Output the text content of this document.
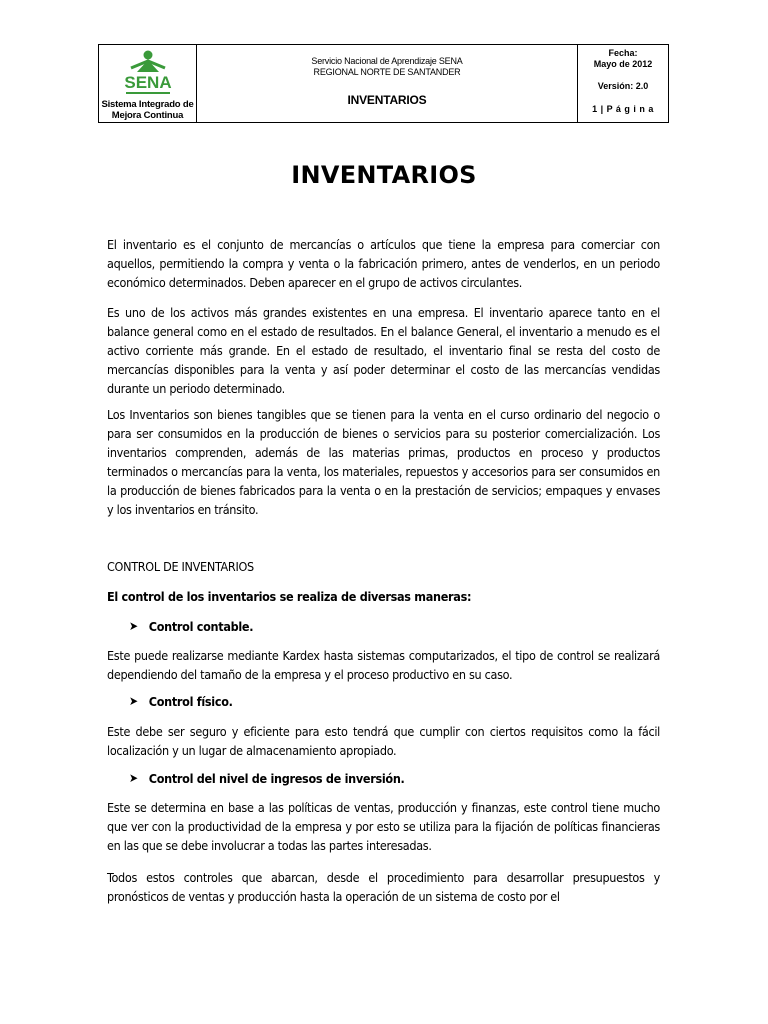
SENA
Sistema Integrado de
Mejora Continua
Servicio Nacional de Aprendizaje SENA
REGIONAL NORTE DE SANTANDER
INVENTARIOS
Fecha:
Mayo de 2012
Versión: 2.0
1 | P á g i n a
INVENTARIOS

El inventario es el conjunto de mercancías o artículos que tiene la empresa para comerciar con aquellos, permitiendo la compra y venta o la fabricación primero, antes de venderlos, en un periodo económico determinados. Deben aparecer en el grupo de activos circulantes.

Es uno de los activos más grandes existentes en una empresa. El inventario aparece tanto en el balance general como en el estado de resultados. En el balance General, el inventario a menudo es el activo corriente más grande. En el estado de resultado, el inventario final se resta del costo de mercancías disponibles para la venta y así poder determinar el costo de las mercancías vendidas durante un periodo determinado.

Los Inventarios son bienes tangibles que se tienen para la venta en el curso ordinario del negocio o para ser consumidos en la producción de bienes o servicios para su posterior comercialización. Los inventarios comprenden, además de las materias primas, productos en proceso y productos terminados o mercancías para la venta, los materiales, repuestos y accesorios para ser consumidos en la producción de bienes fabricados para la venta o en la prestación de servicios; empaques y envases y los inventarios en tránsito.

CONTROL DE INVENTARIOS

El control de los inventarios se realiza de diversas maneras:

➤ Control contable.

Este puede realizarse mediante Kardex hasta sistemas computarizados, el tipo de control se realizará dependiendo del tamaño de la empresa y el proceso productivo en su caso.

➤ Control físico.

Este debe ser seguro y eficiente para esto tendrá que cumplir con ciertos requisitos como la fácil localización y un lugar de almacenamiento apropiado.

➤ Control del nivel de ingresos de inversión.

Este se determina en base a las políticas de ventas, producción y finanzas, este control tiene mucho que ver con la productividad de la empresa y por esto se utiliza para la fijación de políticas financieras en las que se debe involucrar a todas las partes interesadas.

Todos estos controles que abarcan, desde el procedimiento para desarrollar presupuestos y pronósticos de ventas y producción hasta la operación de un sistema de costo por el
